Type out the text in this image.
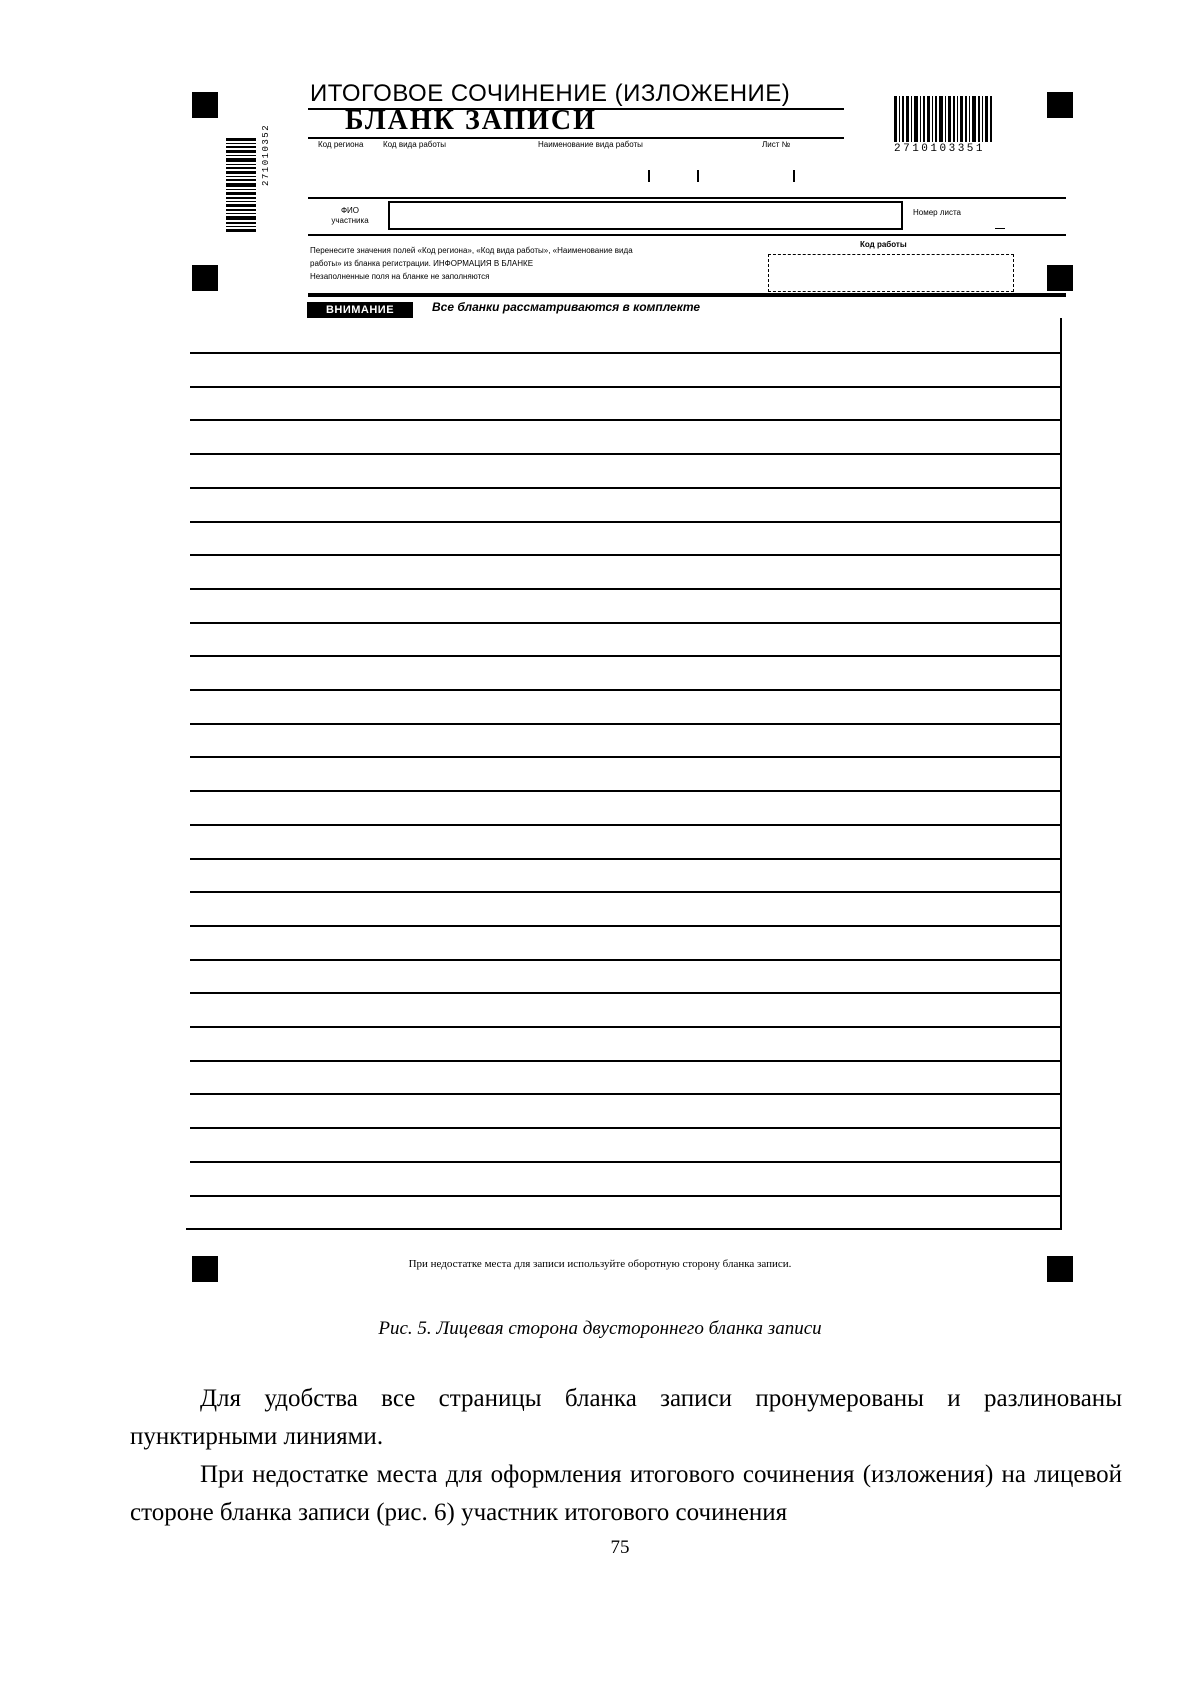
ИТОГОВОЕ СОЧИНЕНИЕ (ИЗЛОЖЕНИЕ)
БЛАНК ЗАПИСИ
Код региона Код вида работы	Наименование вида работы	Лист №	2710103351
271010352
ФИО участника
Номер листа
Перенесите значения полей «Код региона», «Код вида работы», «Наименование вида
работы» из бланка регистрации. ИНФОРМАЦИЯ В БЛАНКЕ
Незаполненные поля на бланке не заполняются
Код работы
ВНИМАНИЕ	Все бланки рассматриваются в комплекте
При недостатке места для записи используйте оборотную сторону бланка записи.
Рис. 5. Лицевая сторона двустороннего бланка записи
Для удобства все страницы бланка записи пронумерованы и разлинованы пунктирными линиями.
При недостатке места для оформления итогового сочинения (изложения) на лицевой стороне бланка записи (рис. 6) участник итогового сочинения
75
